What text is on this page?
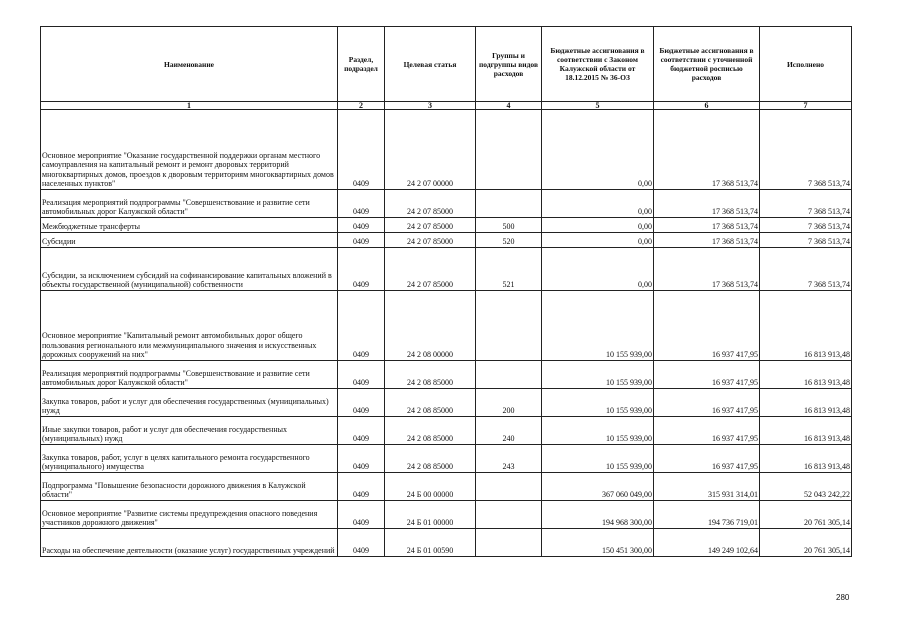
Наименование	Раздел, подраздел	Целевая статья	Группы и подгруппы видов расходов	Бюджетные ассигнования в соответствии с Законом Калужской области от 18.12.2015 № 36-ОЗ	Бюджетные ассигнования в соответствии с уточненной бюджетной росписью расходов	Исполнено
1	2	3	4	5	6	7
Основное мероприятие "Оказание государственной поддержки органам местного самоуправления на капитальный ремонт и ремонт дворовых территорий многоквартирных домов, проездов к дворовым территориям многоквартирных домов населенных пунктов"	0409	24 2 07 00000		0,00	17 368 513,74	7 368 513,74
Реализация мероприятий подпрограммы "Совершенствование и развитие сети автомобильных дорог Калужской области"	0409	24 2 07 85000		0,00	17 368 513,74	7 368 513,74
Межбюджетные трансферты	0409	24 2 07 85000	500	0,00	17 368 513,74	7 368 513,74
Субсидии	0409	24 2 07 85000	520	0,00	17 368 513,74	7 368 513,74
Субсидии, за исключением субсидий на софинансирование капитальных вложений в объекты государственной (муниципальной) собственности	0409	24 2 07 85000	521	0,00	17 368 513,74	7 368 513,74
Основное мероприятие "Капитальный ремонт автомобильных дорог общего пользования регионального или межмуниципального значения и искусственных дорожных сооружений на них"	0409	24 2 08 00000		10 155 939,00	16 937 417,95	16 813 913,48
Реализация мероприятий подпрограммы "Совершенствование и развитие сети автомобильных дорог Калужской области"	0409	24 2 08 85000		10 155 939,00	16 937 417,95	16 813 913,48
Закупка товаров, работ и услуг для обеспечения государственных (муниципальных) нужд	0409	24 2 08 85000	200	10 155 939,00	16 937 417,95	16 813 913,48
Иные закупки товаров, работ и услуг для обеспечения государственных (муниципальных) нужд	0409	24 2 08 85000	240	10 155 939,00	16 937 417,95	16 813 913,48
Закупка товаров, работ, услуг в целях капитального ремонта государственного (муниципального) имущества	0409	24 2 08 85000	243	10 155 939,00	16 937 417,95	16 813 913,48
Подпрограмма "Повышение безопасности дорожного движения в Калужской области"	0409	24 Б 00 00000		367 060 049,00	315 931 314,01	52 043 242,22
Основное мероприятие "Развитие системы предупреждения опасного поведения участников дорожного движения"	0409	24 Б 01 00000		194 968 300,00	194 736 719,01	20 761 305,14
Расходы на обеспечение деятельности (оказание услуг) государственных учреждений	0409	24 Б 01 00590		150 451 300,00	149 249 102,64	20 761 305,14
280
